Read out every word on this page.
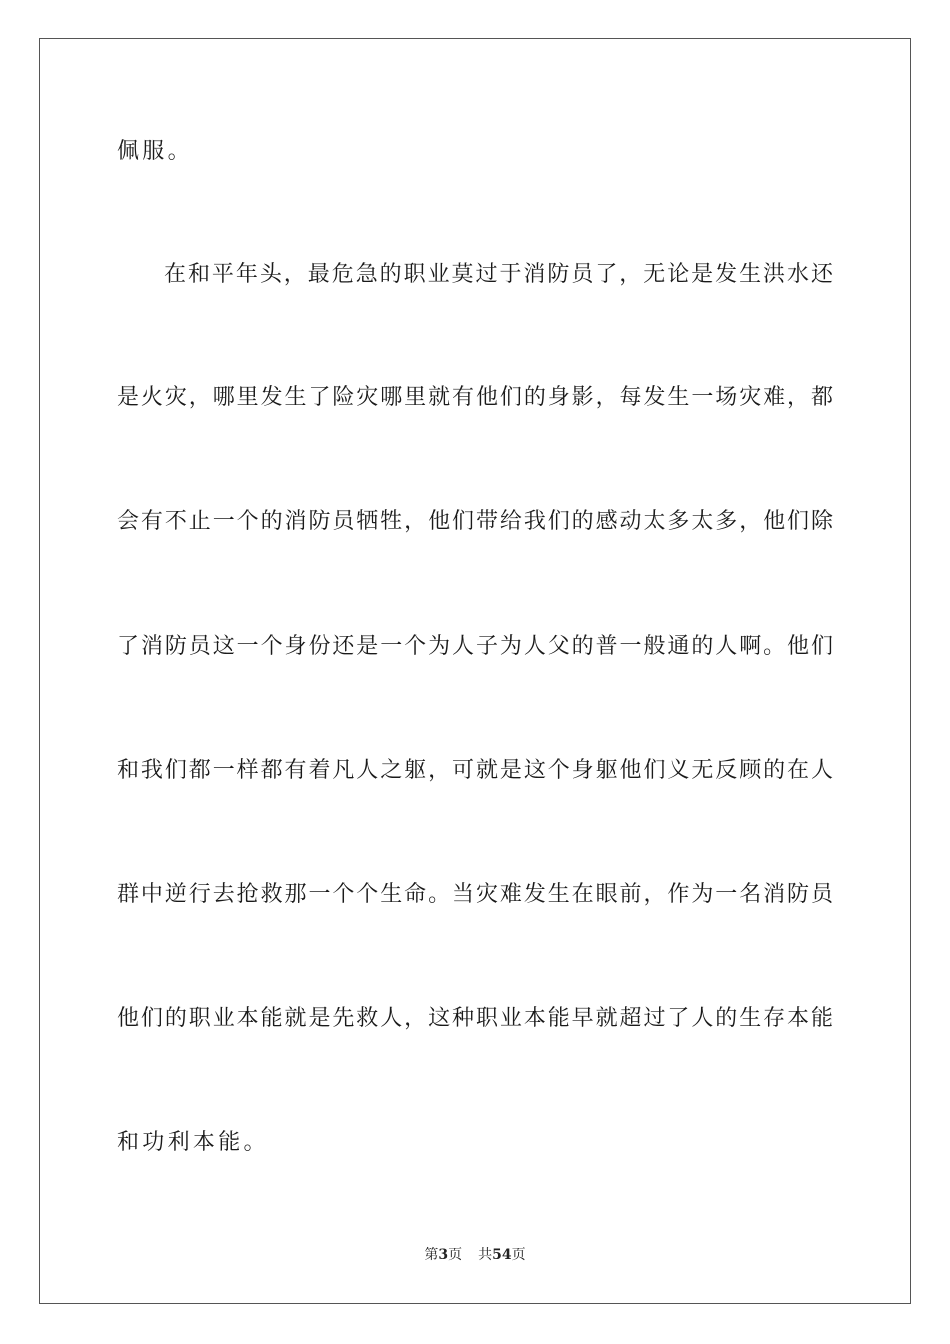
佩服。
在和平年头，最危急的职业莫过于消防员了，无论是发生洪水还
是火灾，哪里发生了险灾哪里就有他们的身影，每发生一场灾难，都
会有不止一个的消防员牺牲，他们带给我们的感动太多太多，他们除
了消防员这一个身份还是一个为人子为人父的普一般通的人啊。他们
和我们都一样都有着凡人之躯，可就是这个身躯他们义无反顾的在人
群中逆行去抢救那一个个生命。当灾难发生在眼前，作为一名消防员
他们的职业本能就是先救人，这种职业本能早就超过了人的生存本能
和功利本能。
第3页 共54页
